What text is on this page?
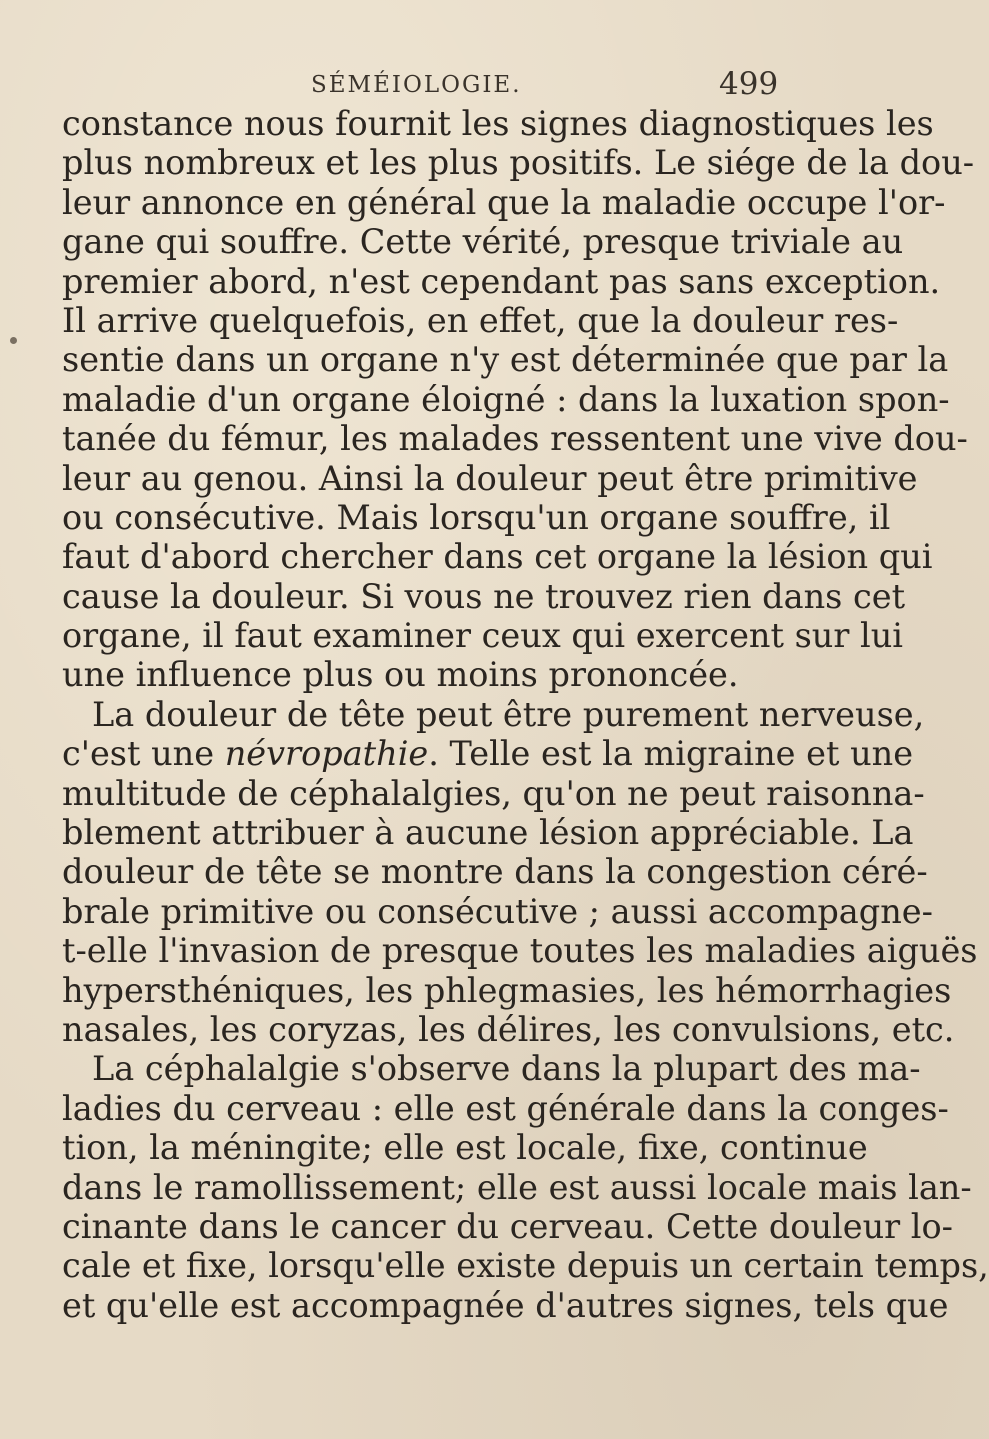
SÉMÉIOLOGIE.	499
constance nous fournit les signes diagnostiques les
plus nombreux et les plus positifs. Le siége de la dou-
leur annonce en général que la maladie occupe l'or-
gane qui souffre. Cette vérité, presque triviale au
premier abord, n'est cependant pas sans exception.
Il arrive quelquefois, en effet, que la douleur res-
sentie dans un organe n'y est déterminée que par la
maladie d'un organe éloigné : dans la luxation spon-
tanée du fémur, les malades ressentent une vive dou-
leur au genou. Ainsi la douleur peut être primitive
ou consécutive. Mais lorsqu'un organe souffre, il
faut d'abord chercher dans cet organe la lésion qui
cause la douleur. Si vous ne trouvez rien dans cet
organe, il faut examiner ceux qui exercent sur lui
une influence plus ou moins prononcée.
La douleur de tête peut être purement nerveuse,
c'est une névropathie. Telle est la migraine et une
multitude de céphalalgies, qu'on ne peut raisonna-
blement attribuer à aucune lésion appréciable. La
douleur de tête se montre dans la congestion céré-
brale primitive ou consécutive ; aussi accompagne-
t-elle l'invasion de presque toutes les maladies aiguës
hypersthéniques, les phlegmasies, les hémorrhagies
nasales, les coryzas, les délires, les convulsions, etc.
La céphalalgie s'observe dans la plupart des ma-
ladies du cerveau : elle est générale dans la conges-
tion, la méningite; elle est locale, fixe, continue
dans le ramollissement; elle est aussi locale mais lan-
cinante dans le cancer du cerveau. Cette douleur lo-
cale et fixe, lorsqu'elle existe depuis un certain temps,
et qu'elle est accompagnée d'autres signes, tels que
